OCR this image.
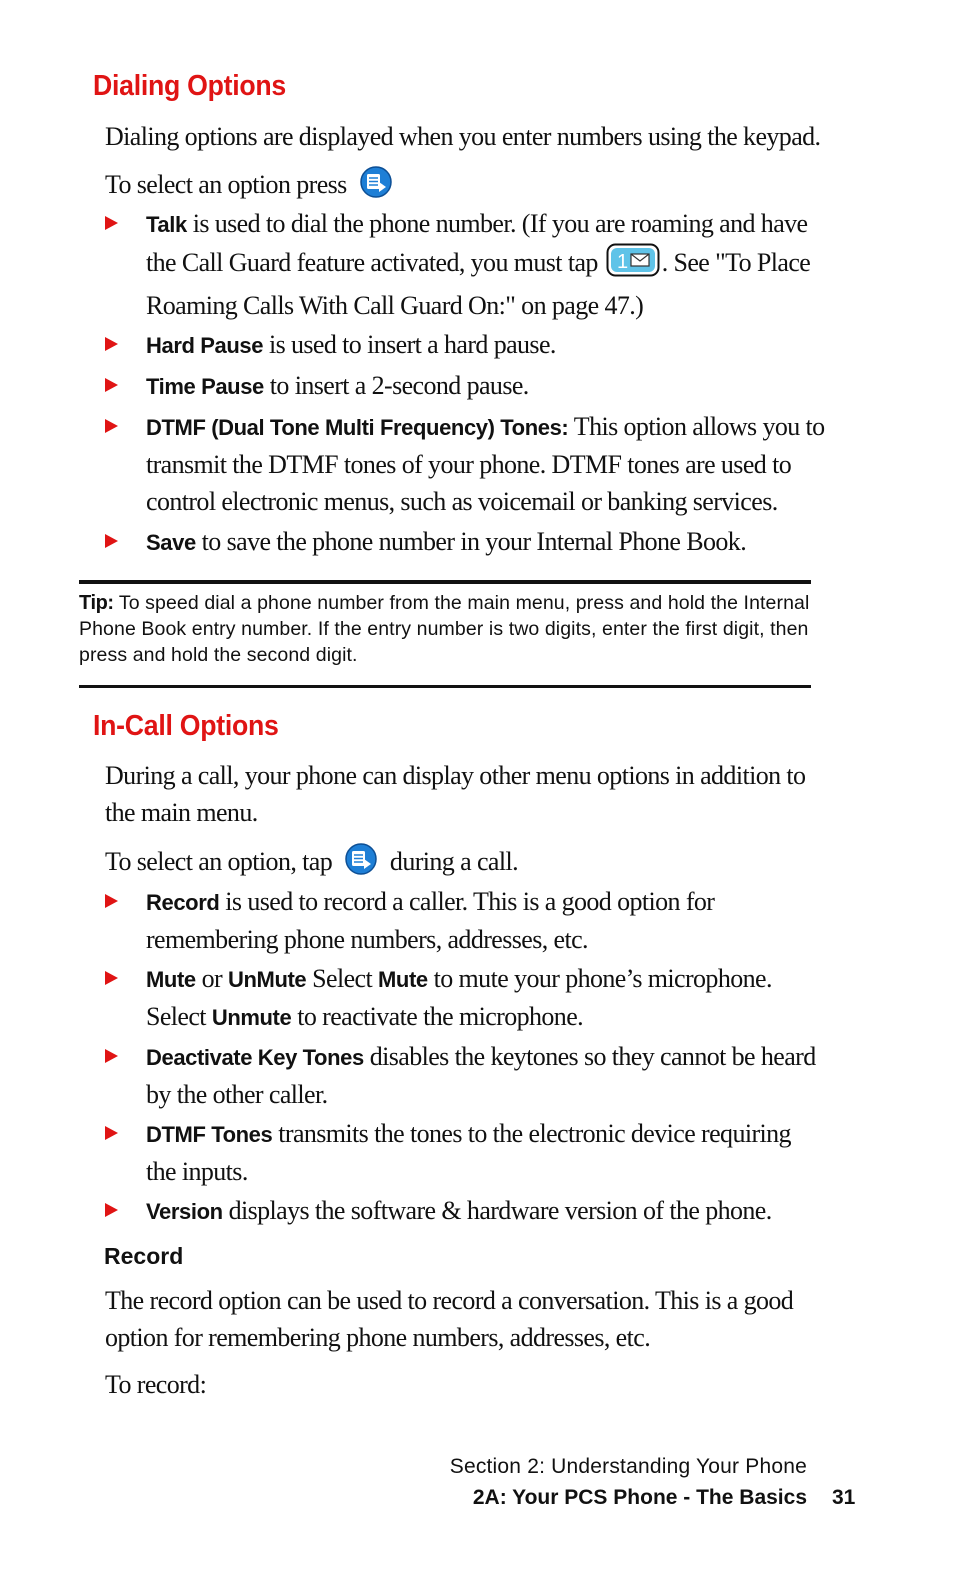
Dialing Options

Dialing options are displayed when you enter numbers using the keypad.

To select an option press

Talk is used to dial the phone number. (If you are roaming and have the Call Guard feature activated, you must tap 1 . See "To Place Roaming Calls With Call Guard On:" on page 47.)
Hard Pause is used to insert a hard pause.
Time Pause to insert a 2-second pause.
DTMF (Dual Tone Multi Frequency) Tones: This option allows you to transmit the DTMF tones of your phone. DTMF tones are used to control electronic menus, such as voicemail or banking services.
Save to save the phone number in your Internal Phone Book.

Tip: To speed dial a phone number from the main menu, press and hold the Internal Phone Book entry number. If the entry number is two digits, enter the first digit, then press and hold the second digit.

In-Call Options

During a call, your phone can display other menu options in addition to the main menu.

To select an option, tap during a call.

Record is used to record a caller. This is a good option for remembering phone numbers, addresses, etc.
Mute or UnMute Select Mute to mute your phone’s microphone. Select Unmute to reactivate the microphone.
Deactivate Key Tones disables the keytones so they cannot be heard by the other caller.
DTMF Tones transmits the tones to the electronic device requiring the inputs.
Version displays the software & hardware version of the phone.
Record

The record option can be used to record a conversation. This is a good option for remembering phone numbers, addresses, etc.

To record:

Section 2: Understanding Your Phone
2A: Your PCS Phone - The Basics 31
